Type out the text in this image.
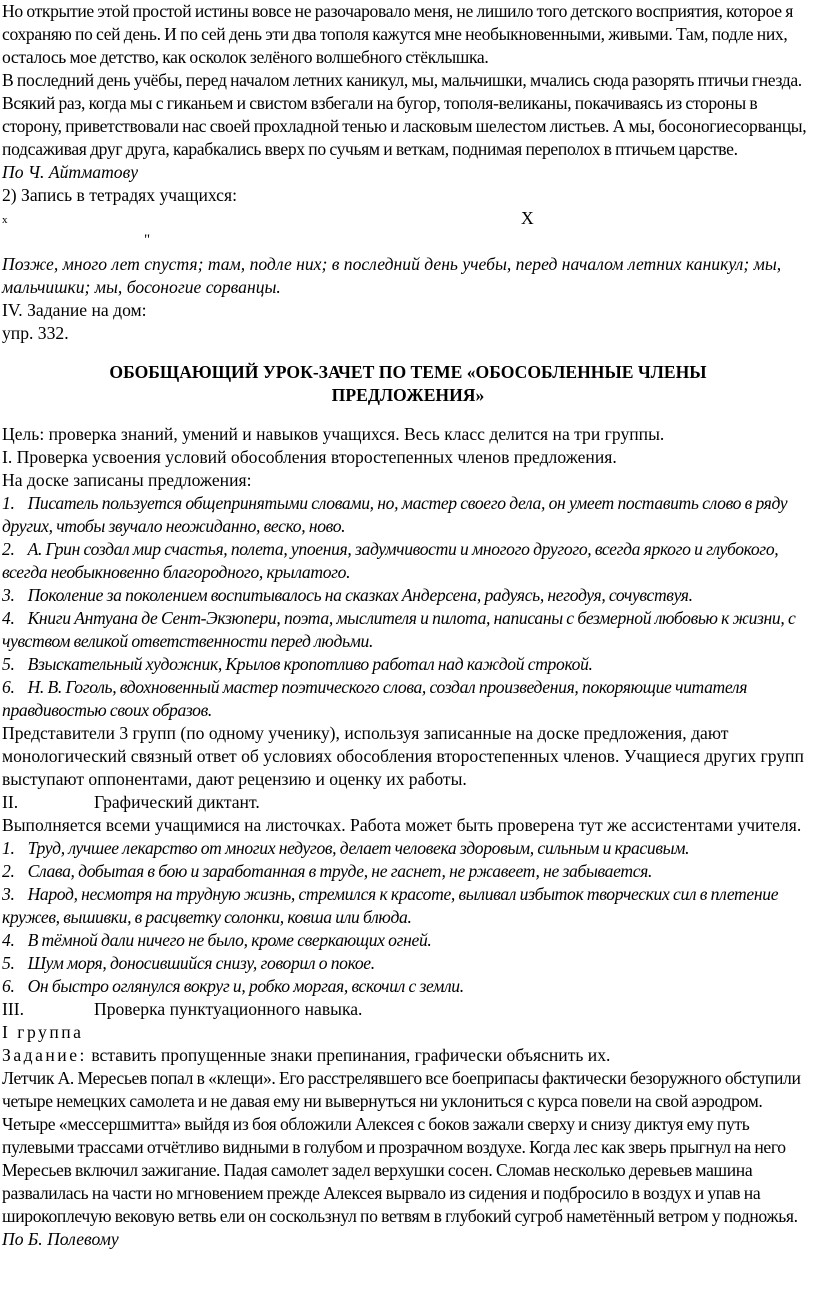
Но открытие этой простой истины вовсе не разочаровало меня, не лишило того детского восприятия, которое я сохраняю по сей день. И по сей день эти два тополя кажутся мне необыкновенными, живыми. Там, подле них, осталось мое детство, как осколок зелёного волшебного стёклышка.

В последний день учёбы, перед началом летних каникул, мы, мальчишки, мчались сюда разорять птичьи гнезда. Всякий раз, когда мы с гиканьем и свистом взбегали на бугор, тополя-великаны, покачиваясь из стороны в сторону, приветствовали нас своей прохладной тенью и ласковым шелестом листьев. А мы, босоногиесорванцы, подсаживая друг друга, карабкались вверх по сучьям и веткам, поднимая переполох в птичьем царстве.

По Ч. Айтматову

2) Запись в тетрадях учащихся:

x	X
"

Позже, много лет спустя; там, подле них; в последний день учебы, перед началом летних каникул; мы, мальчишки; мы, босоногие сорванцы.

IV. Задание на дом:

упр. 332.

ОБОБЩАЮЩИЙ УРОК-ЗАЧЕТ ПО ТЕМЕ «ОБОСОБЛЕННЫЕ ЧЛЕНЫ ПРЕДЛОЖЕНИЯ»

Цель: проверка знаний, умений и навыков учащихся. Весь класс делится на три группы.

I. Проверка усвоения условий обособления второстепенных членов предложения.

На доске записаны предложения:

1. Писатель пользуется общепринятыми словами, но, мастер своего дела, он умеет поставить слово в ряду других, чтобы звучало неожиданно, веско, ново.

2. А. Грин создал мир счастья, полета, упоения, задумчивости и многого другого, всегда яркого и глубокого, всегда необыкновенно благородного, крылатого.

3. Поколение за поколением воспитывалось на сказках Андерсена, радуясь, негодуя, сочувствуя.

4. Книги Антуана де Сент-Экзюпери, поэта, мыслителя и пилота, написаны с безмерной любовью к жизни, с чувством великой ответственности перед людьми.

5. Взыскательный художник, Крылов кропотливо работал над каждой строкой.

6. Н. В. Гоголь, вдохновенный мастер поэтического слова, создал произведения, покоряющие читателя правдивостью своих образов.

Представители 3 групп (по одному ученику), используя записанные на доске предложения, дают монологический связный ответ об условиях обособления второстепенных членов. Учащиеся других групп выступают оппонентами, дают рецензию и оценку их работы.

II.	Графический диктант.

Выполняется всеми учащимися на листочках. Работа может быть проверена тут же ассистентами учителя.

1. Труд, лучшее лекарство от многих недугов, делает человека здоровым, сильным и красивым.

2. Слава, добытая в бою и заработанная в труде, не гаснет, не ржавеет, не забывается.

3. Народ, несмотря на трудную жизнь, стремился к красоте, выливал избыток творческих сил в плетение кружев, вышивки, в расцветку солонки, ковша или блюда.

4. В тёмной дали ничего не было, кроме сверкающих огней.

5. Шум моря, доносившийся снизу, говорил о покое.

6. Он быстро оглянулся вокруг и, робко моргая, вскочил с земли.

III.	Проверка пунктуационного навыка.

I группа

Задание: вставить пропущенные знаки препинания, графически объяснить их.

Летчик А. Мересьев попал в «клещи». Его расстрелявшего все боеприпасы фактически безоружного обступили четыре немецких самолета и не давая ему ни вывернуться ни уклониться с курса повели на свой аэродром.

Четыре «мессершмитта» выйдя из боя обложили Алексея с боков зажали сверху и снизу диктуя ему путь пулевыми трассами отчётливо видными в голубом и прозрачном воздухе. Когда лес как зверь прыгнул на него Мересьев включил зажигание. Падая самолет задел верхушки сосен. Сломав несколько деревьев машина развалилась на части но мгновением прежде Алексея вырвало из сидения и подбросило в воздух и упав на широкоплечую вековую ветвь ели он соскользнул по ветвям в глубокий сугроб наметённый ветром у подножья.

По Б. Полевому
